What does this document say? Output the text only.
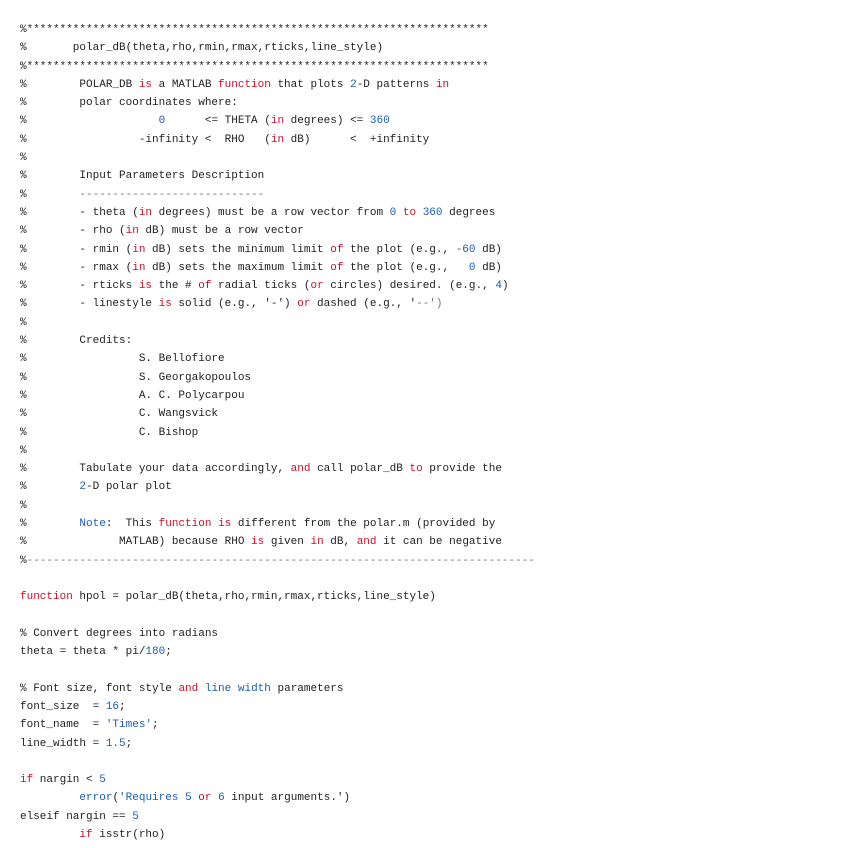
%**********************************************************************
%       polar_dB(theta,rho,rmin,rmax,rticks,line_style)
%**********************************************************************
%        POLAR_DB is a MATLAB function that plots 2-D patterns in
%        polar coordinates where:
%                    0      <= THETA (in degrees) <= 360
%                 -infinity <  RHO   (in dB)      <  +infinity
%
%        Input Parameters Description
%        ----------------------------
%        - theta (in degrees) must be a row vector from 0 to 360 degrees
%        - rho (in dB) must be a row vector
%        - rmin (in dB) sets the minimum limit of the plot (e.g., -60 dB)
%        - rmax (in dB) sets the maximum limit of the plot (e.g.,   0 dB)
%        - rticks is the # of radial ticks (or circles) desired. (e.g., 4)
%        - linestyle is solid (e.g., '-') or dashed (e.g., '--')
%
%        Credits:
%                 S. Bellofiore
%                 S. Georgakopoulos
%                 A. C. Polycarpou
%                 C. Wangsvick
%                 C. Bishop
%
%        Tabulate your data accordingly, and call polar_dB to provide the
%        2-D polar plot
%
%        Note:  This function is different from the polar.m (provided by
%              MATLAB) because RHO is given in dB, and it can be negative
%-----------------------------------------------------------------------------
function hpol = polar_dB(theta,rho,rmin,rmax,rticks,line_style)
% Convert degrees into radians
theta = theta * pi/180;
% Font size, font style and line width parameters
font_size  = 16;
font_name  = 'Times';
line_width = 1.5;
if nargin < 5
error('Requires 5 or 6 input arguments.')
elseif nargin == 5
if isstr(rho)
